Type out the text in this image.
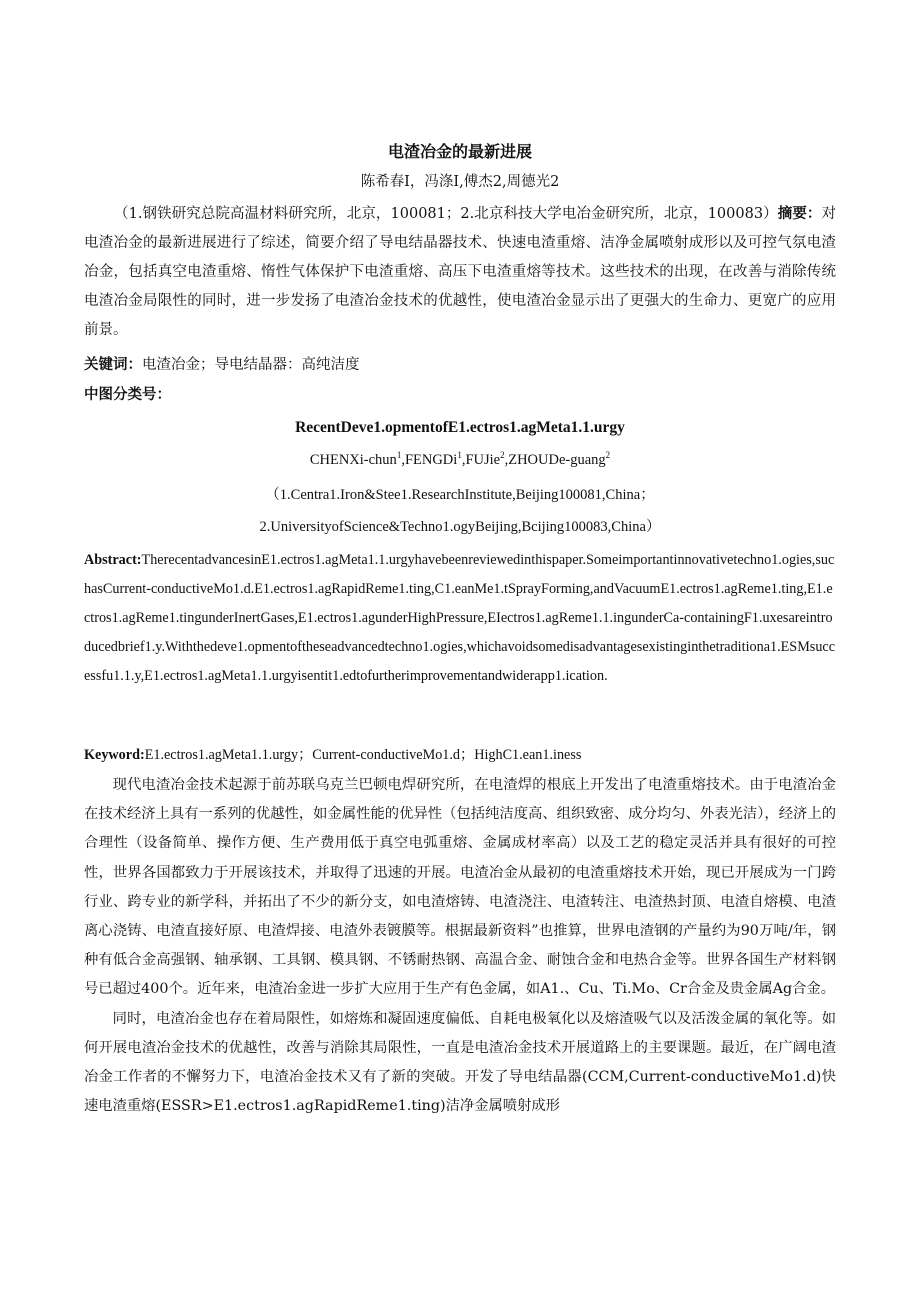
电渣冶金的最新进展
陈希春I，冯涤I,傅杰2,周德光2
（1.钢铁研究总院高温材料研究所，北京，100081；2.北京科技大学电冶金研究所，北京，100083）摘要：对电渣冶金的最新进展进行了综述，简要介绍了导电结晶器技术、快速电渣重熔、洁净金属喷射成形以及可控气氛电渣冶金，包括真空电渣重熔、惰性气体保护下电渣重熔、高压下电渣重熔等技术。这些技术的出现，在改善与消除传统电渣冶金局限性的同时，进一步发扬了电渣冶金技术的优越性，使电渣冶金显示出了更强大的生命力、更宽广的应用前景。
关键词：电渣冶金；导电结晶器：高纯洁度
中图分类号：
RecentDeve1.opmentofE1.ectros1.agMeta1.1.urgy
CHENXi-chun$^1$,FENGDi$^1$,FUJie$^2$,ZHOUDe-guang$^2$
（1.Centra1.Iron&Stee1.ResearchInstitute,Beijing100081,China；
2.UniversityofScience&Techno1.ogyBeijing,Bcijing100083,China）
Abstract:TherecentadvancesinE1.ectros1.agMeta1.1.urgyhavebeenreviewedinthispaper.Someimportantinnovativetechno1.ogies,suchasCurrent-conductiveMo1.d.E1.ectros1.agRapidReme1.ting,C1.eanMe1.tSprayForming,andVacuumE1.ectros1.agReme1.ting,E1.ectros1.agReme1.tingunderInertGases,E1.ectros1.agunderHighPressure,EIectros1.agReme1.1.ingunderCa-containingF1.uxesareintroducedbrief1.y.Withthedeve1.opmentoftheseadvancedtechno1.ogies,whichavoidsomedisadvantagesexistinginthetraditiona1.ESMsuccessfu1.1.y,E1.ectros1.agMeta1.1.urgyisentit1.edtofurtherimprovementandwiderapp1.ication.
Keyword:E1.ectros1.agMeta1.1.urgy；Current-conductiveMo1.d；HighC1.ean1.iness

现代电渣冶金技术起源于前苏联乌克兰巴顿电焊研究所，在电渣焊的根底上开发出了电渣重熔技术。由于电渣冶金在技术经济上具有一系列的优越性，如金属性能的优异性（包括纯洁度高、组织致密、成分均匀、外表光洁），经济上的合理性（设备简单、操作方便、生产费用低于真空电弧重熔、金属成材率高）以及工艺的稳定灵活并具有很好的可控性，世界各国都致力于开展该技术，并取得了迅速的开展。电渣冶金从最初的电渣重熔技术开始，现已开展成为一门跨行业、跨专业的新学科，并拓出了不少的新分支，如电渣熔铸、电渣浇注、电渣转注、电渣热封顶、电渣自熔模、电渣离心浇铸、电渣直接好原、电渣焊接、电渣外表镀膜等。根据最新资料”也推算，世界电渣钢的产量约为90万吨/年，钢种有低合金高强钢、轴承钢、工具钢、模具钢、不锈耐热钢、高温合金、耐蚀合金和电热合金等。世界各国生产材料钢号已超过400个。近年来，电渣冶金进一步扩大应用于生产有色金属，如A1.、Cu、Ti.Mo、Cr合金及贵金属Ag合金。

同时，电渣冶金也存在着局限性，如熔炼和凝固速度偏低、自耗电极氧化以及熔渣吸气以及活泼金属的氧化等。如何开展电渣冶金技术的优越性，改善与消除其局限性，一直是电渣冶金技术开展道路上的主要课题。最近，在广阔电渣冶金工作者的不懈努力下，电渣冶金技术又有了新的突破。开发了导电结晶器(CCM,Current-conductiveMo1.d)快速电渣重熔(ESSR>E1.ectros1.agRapidReme1.ting)洁净金属喷射成形
